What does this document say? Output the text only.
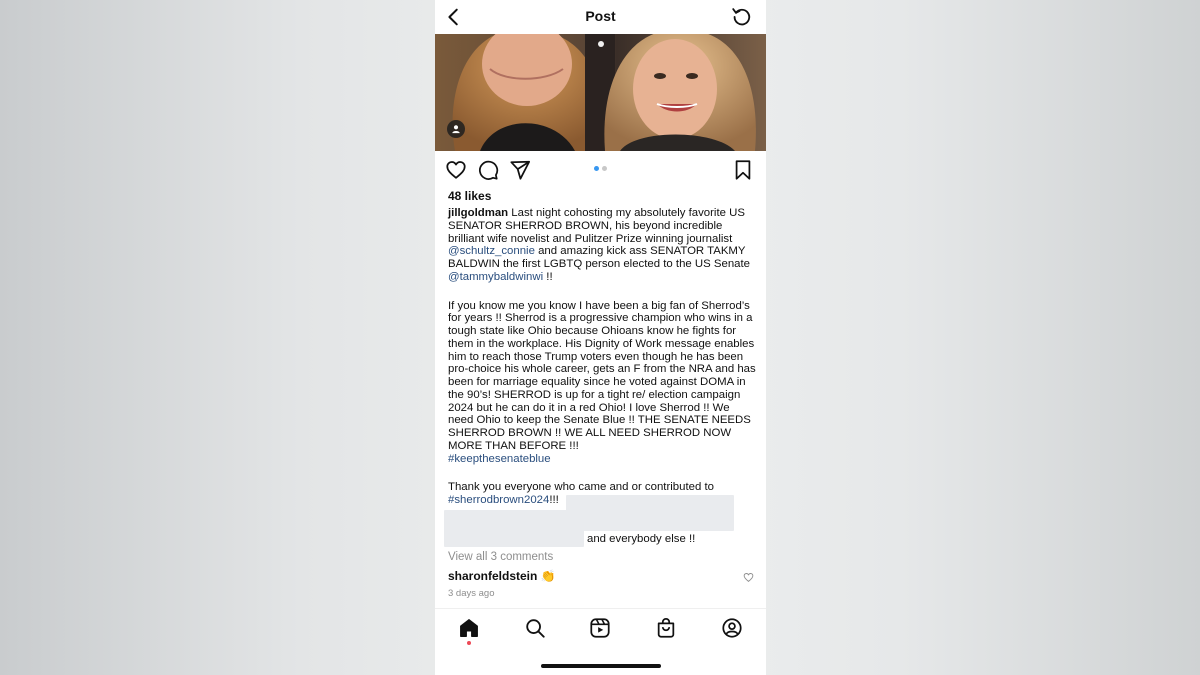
Post
48 likes

jillgoldman Last night cohosting my absolutely favorite US SENATOR SHERROD BROWN, his beyond incredible brilliant wife novelist and Pulitzer Prize winning journalist @schultz_connie and amazing kick ass SENATOR TAKMY BALDWIN the first LGBTQ person elected to the US Senate @tammybaldwinwi !!

If you know me you know I have been a big fan of Sherrod’s for years !! Sherrod is a progressive champion who wins in a tough state like Ohio because Ohioans know he fights for them in the workplace. His Dignity of Work message enables him to reach those Trump voters even though he has been pro-choice his whole career, gets an F from the NRA and has been for marriage equality since he voted against DOMA in the 90’s! SHERROD is up for a tight re/ election campaign 2024 but he can do it in a red Ohio! I love Sherrod !! We need Ohio to keep the Senate Blue !! THE SENATE NEEDS SHERROD BROWN !! WE ALL NEED SHERROD NOW MORE THAN BEFORE !!!

#keepthesenateblue

Thank you everyone who came and or contributed to
#sherrodbrown2024!!!

and everybody else !!
View all 3 comments
sharonfeldstein 👏
3 days ago
